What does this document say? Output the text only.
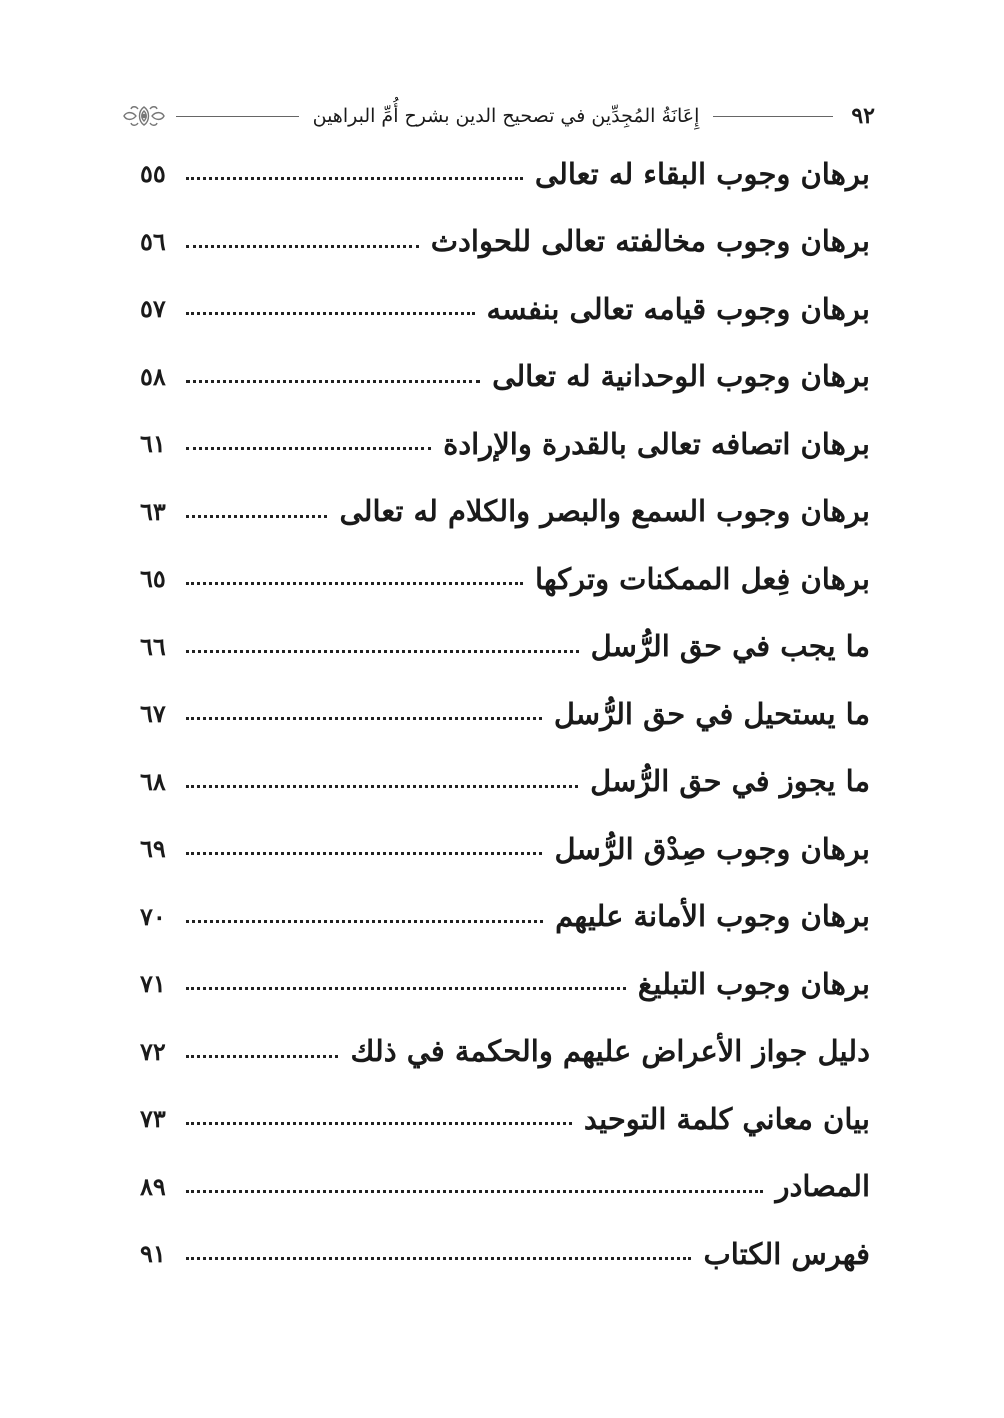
٩٢
إِعَانَةُ المُجِدِّين في تصحيح الدين بشرح أُمِّ البراهين
برهان وجوب البقاء له تعالى
٥٥
برهان وجوب مخالفته تعالى للحوادث
٥٦
برهان وجوب قيامه تعالى بنفسه
٥٧
برهان وجوب الوحدانية له تعالى
٥٨
برهان اتصافه تعالى بالقدرة والإرادة
٦١
برهان وجوب السمع والبصر والكلام له تعالى
٦٣
برهان فِعل الممكنات وتركها
٦٥
ما يجب في حق الرُّسل
٦٦
ما يستحيل في حق الرُّسل
٦٧
ما يجوز في حق الرُّسل
٦٨
برهان وجوب صِدْق الرُّسل
٦٩
برهان وجوب الأمانة عليهم
٧٠
برهان وجوب التبليغ
٧١
دليل جواز الأعراض عليهم والحكمة في ذلك
٧٢
بيان معاني كلمة التوحيد
٧٣
المصادر
٨٩
فهرس الكتاب
٩١
